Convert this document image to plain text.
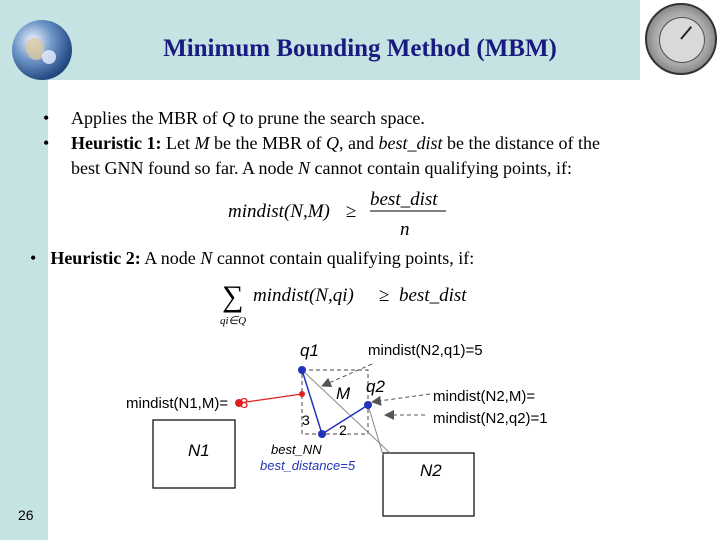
Minimum Bounding Method (MBM)
• Applies the MBR of Q to prune the search space.
• Heuristic 1: Let M be the MBR of Q, and best_dist be the distance of the
best GNN found so far. A node N cannot contain qualifying points, if:
mindist(N,M) ≥
best_dist
n
• Heuristic 2: A node N cannot contain qualifying points, if:
∑
qi∈Q
mindist(N,qi) ≥ best_dist
q1
q2
M
3
2
N1
N2
mindist(N1,M)= 3
mindist(N2,q1)=5
mindist(N2,M)=
mindist(N2,q2)=1
best_NN
best_distance=5
26
